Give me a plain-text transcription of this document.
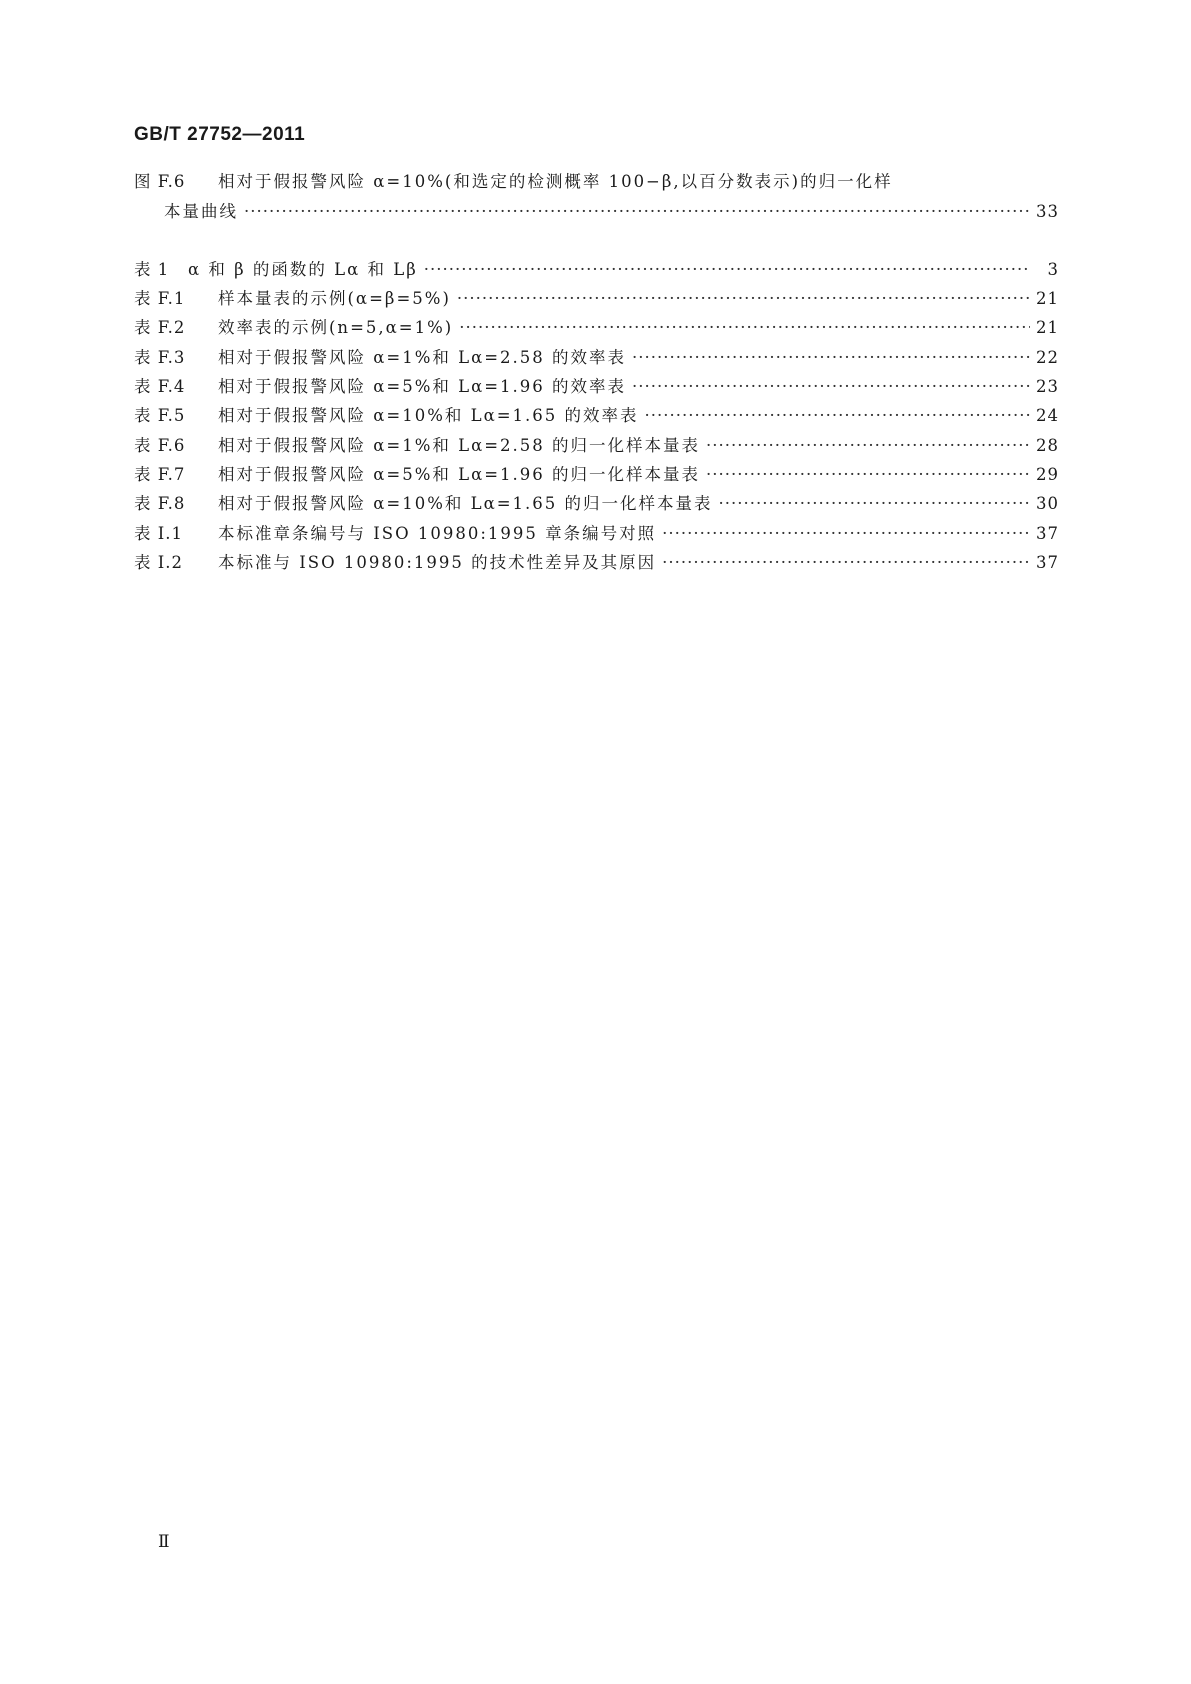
GB/T 27752—2011
图 F.6	相对于假报警风险 α=10%(和选定的检测概率 100−β,以百分数表示)的归一化样
本量曲线 ·····	33
表 1	α 和 β 的函数的 Lα 和 Lβ ·····	3
表 F.1	样本量表的示例(α=β=5%) ·····	21
表 F.2	效率表的示例(n=5,α=1%) ·····	21
表 F.3	相对于假报警风险 α=1%和 Lα=2.58 的效率表 ·····	22
表 F.4	相对于假报警风险 α=5%和 Lα=1.96 的效率表 ·····	23
表 F.5	相对于假报警风险 α=10%和 Lα=1.65 的效率表 ·····	24
表 F.6	相对于假报警风险 α=1%和 Lα=2.58 的归一化样本量表 ·····	28
表 F.7	相对于假报警风险 α=5%和 Lα=1.96 的归一化样本量表 ·····	29
表 F.8	相对于假报警风险 α=10%和 Lα=1.65 的归一化样本量表 ·····	30
表 I.1	本标准章条编号与 ISO 10980:1995 章条编号对照 ·····	37
表 I.2	本标准与 ISO 10980:1995 的技术性差异及其原因 ·····	37
Ⅱ
